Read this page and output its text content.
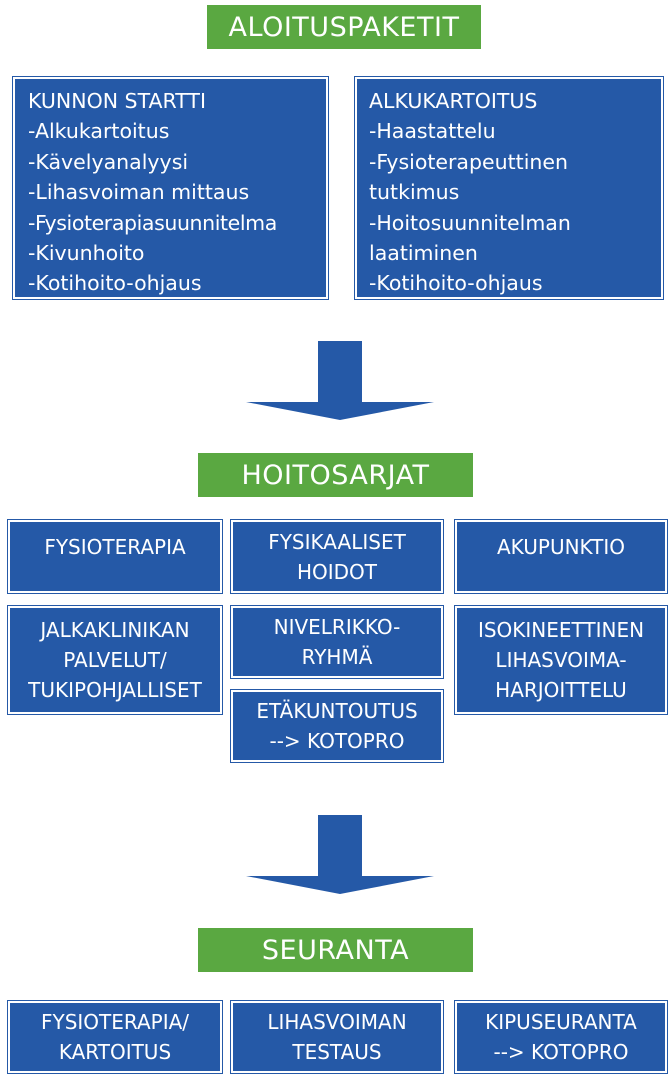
ALOITUSPAKETIT
KUNNON STARTTI
-Alkukartoitus
-Kävelyanalyysi
-Lihasvoiman mittaus
-Fysioterapiasuunnitelma
-Kivunhoito
-Kotihoito-ohjaus
ALKUKARTOITUS
-Haastattelu
-Fysioterapeuttinen
tutkimus
-Hoitosuunnitelman
laatiminen
-Kotihoito-ohjaus
HOITOSARJAT
FYSIOTERAPIA	FYSIKAALISET
HOIDOT
AKUPUNKTIO
JALKAKLINIKAN
PALVELUT/
TUKIPOHJALLISET
NIVELRIKKO-
RYHMÄ
ISOKINEETTINEN
LIHASVOIMA-
HARJOITTELU
ETÄKUNTOUTUS
--> KOTOPRO
SEURANTA
FYSIOTERAPIA/
KARTOITUS
LIHASVOIMAN
TESTAUS
KIPUSEURANTA
--> KOTOPRO
